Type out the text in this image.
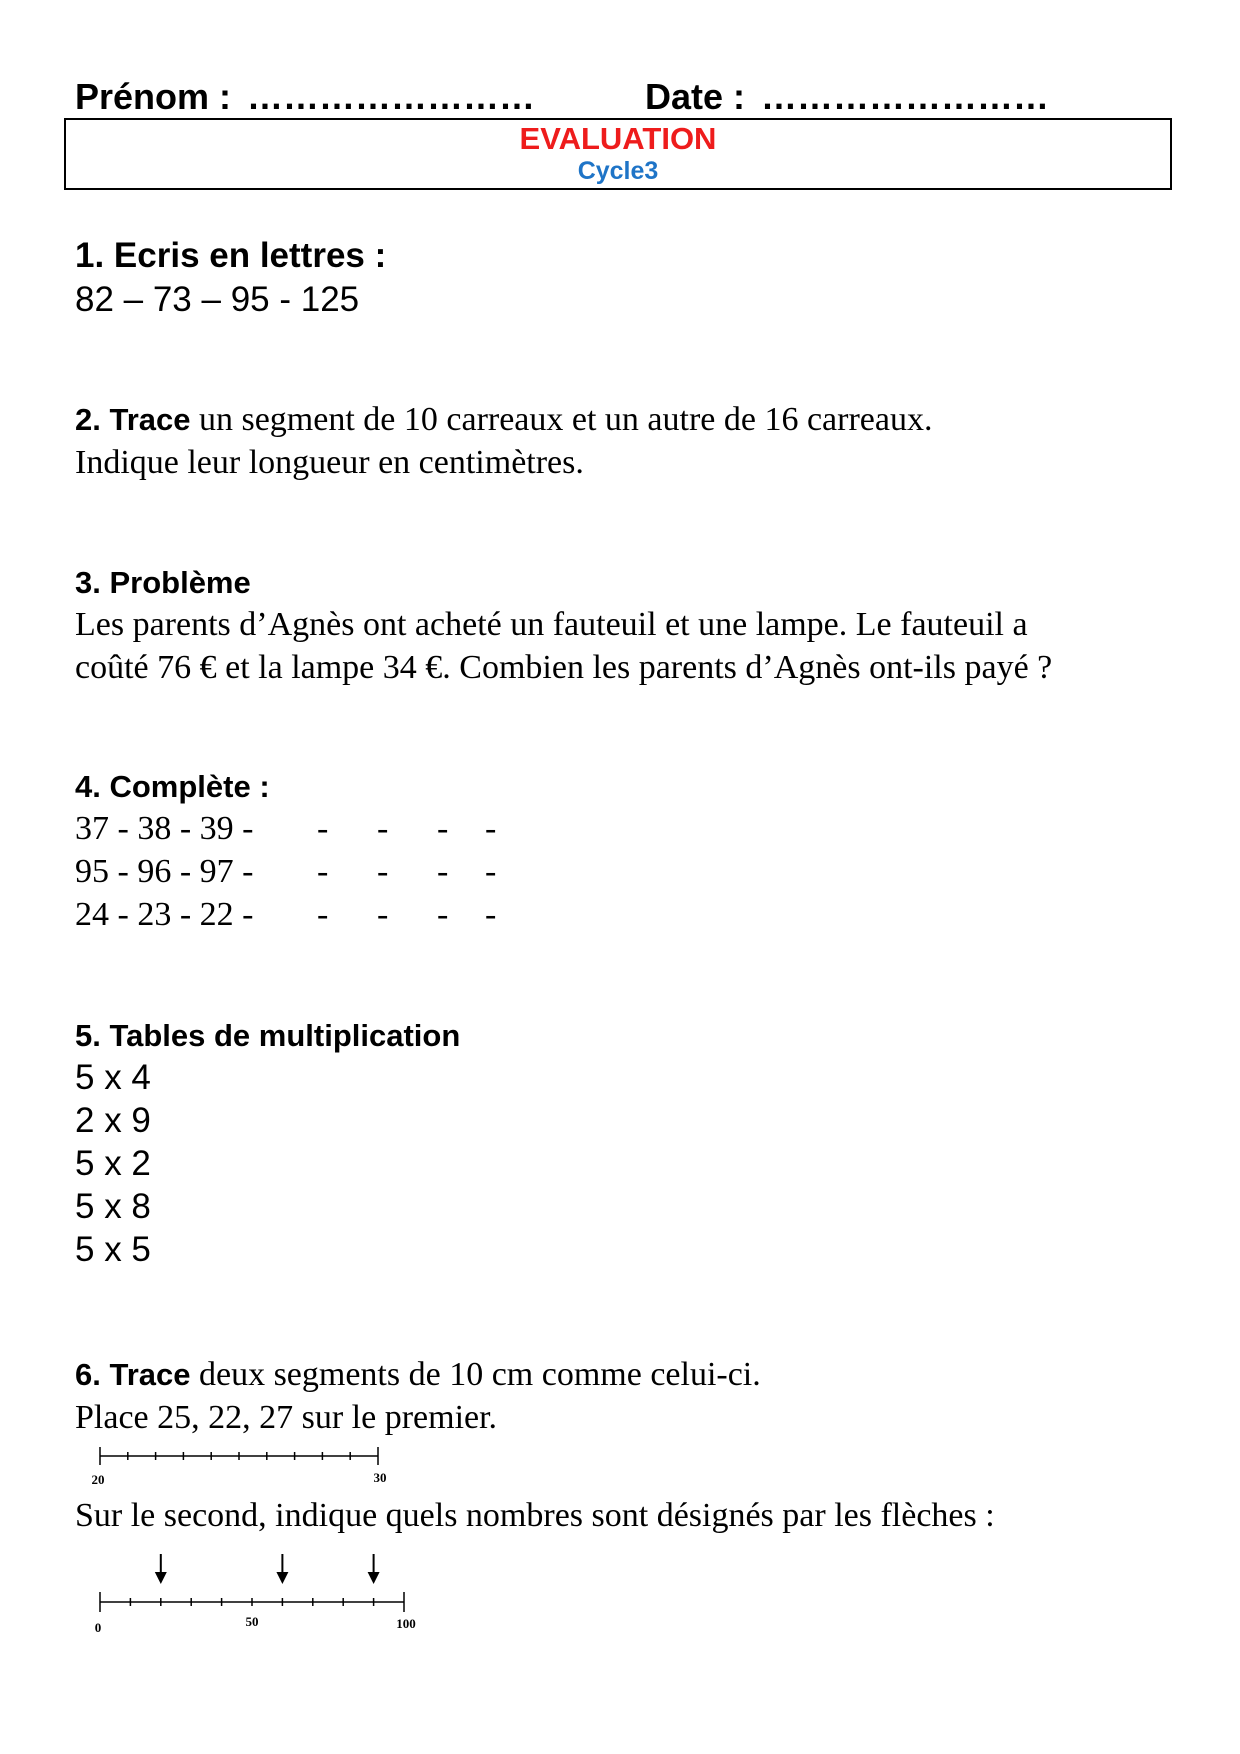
Prénom : ……………………	Date : ……………………
EVALUATION
Cycle3
1. Ecris en lettres :
82 – 73 – 95 - 125
2. Trace un segment de 10 carreaux et un autre de 16 carreaux.
Indique leur longueur en centimètres.
3. Problème
Les parents d’Agnès ont acheté un fauteuil et une lampe. Le fauteuil a
coûté 76 € et la lampe 34 €. Combien les parents d’Agnès ont-ils payé ?
4. Complète :
37 - 38 - 39 - - - - -
95 - 96 - 97 - - - - -
24 - 23 - 22 - - - - -
5. Tables de multiplication
5 x 4
2 x 9
5 x 2
5 x 8
5 x 5
6. Trace deux segments de 10 cm comme celui-ci.
Place 25, 22, 27 sur le premier.
20	30
Sur le second, indique quels nombres sont désignés par les flèches :
0	50	100
